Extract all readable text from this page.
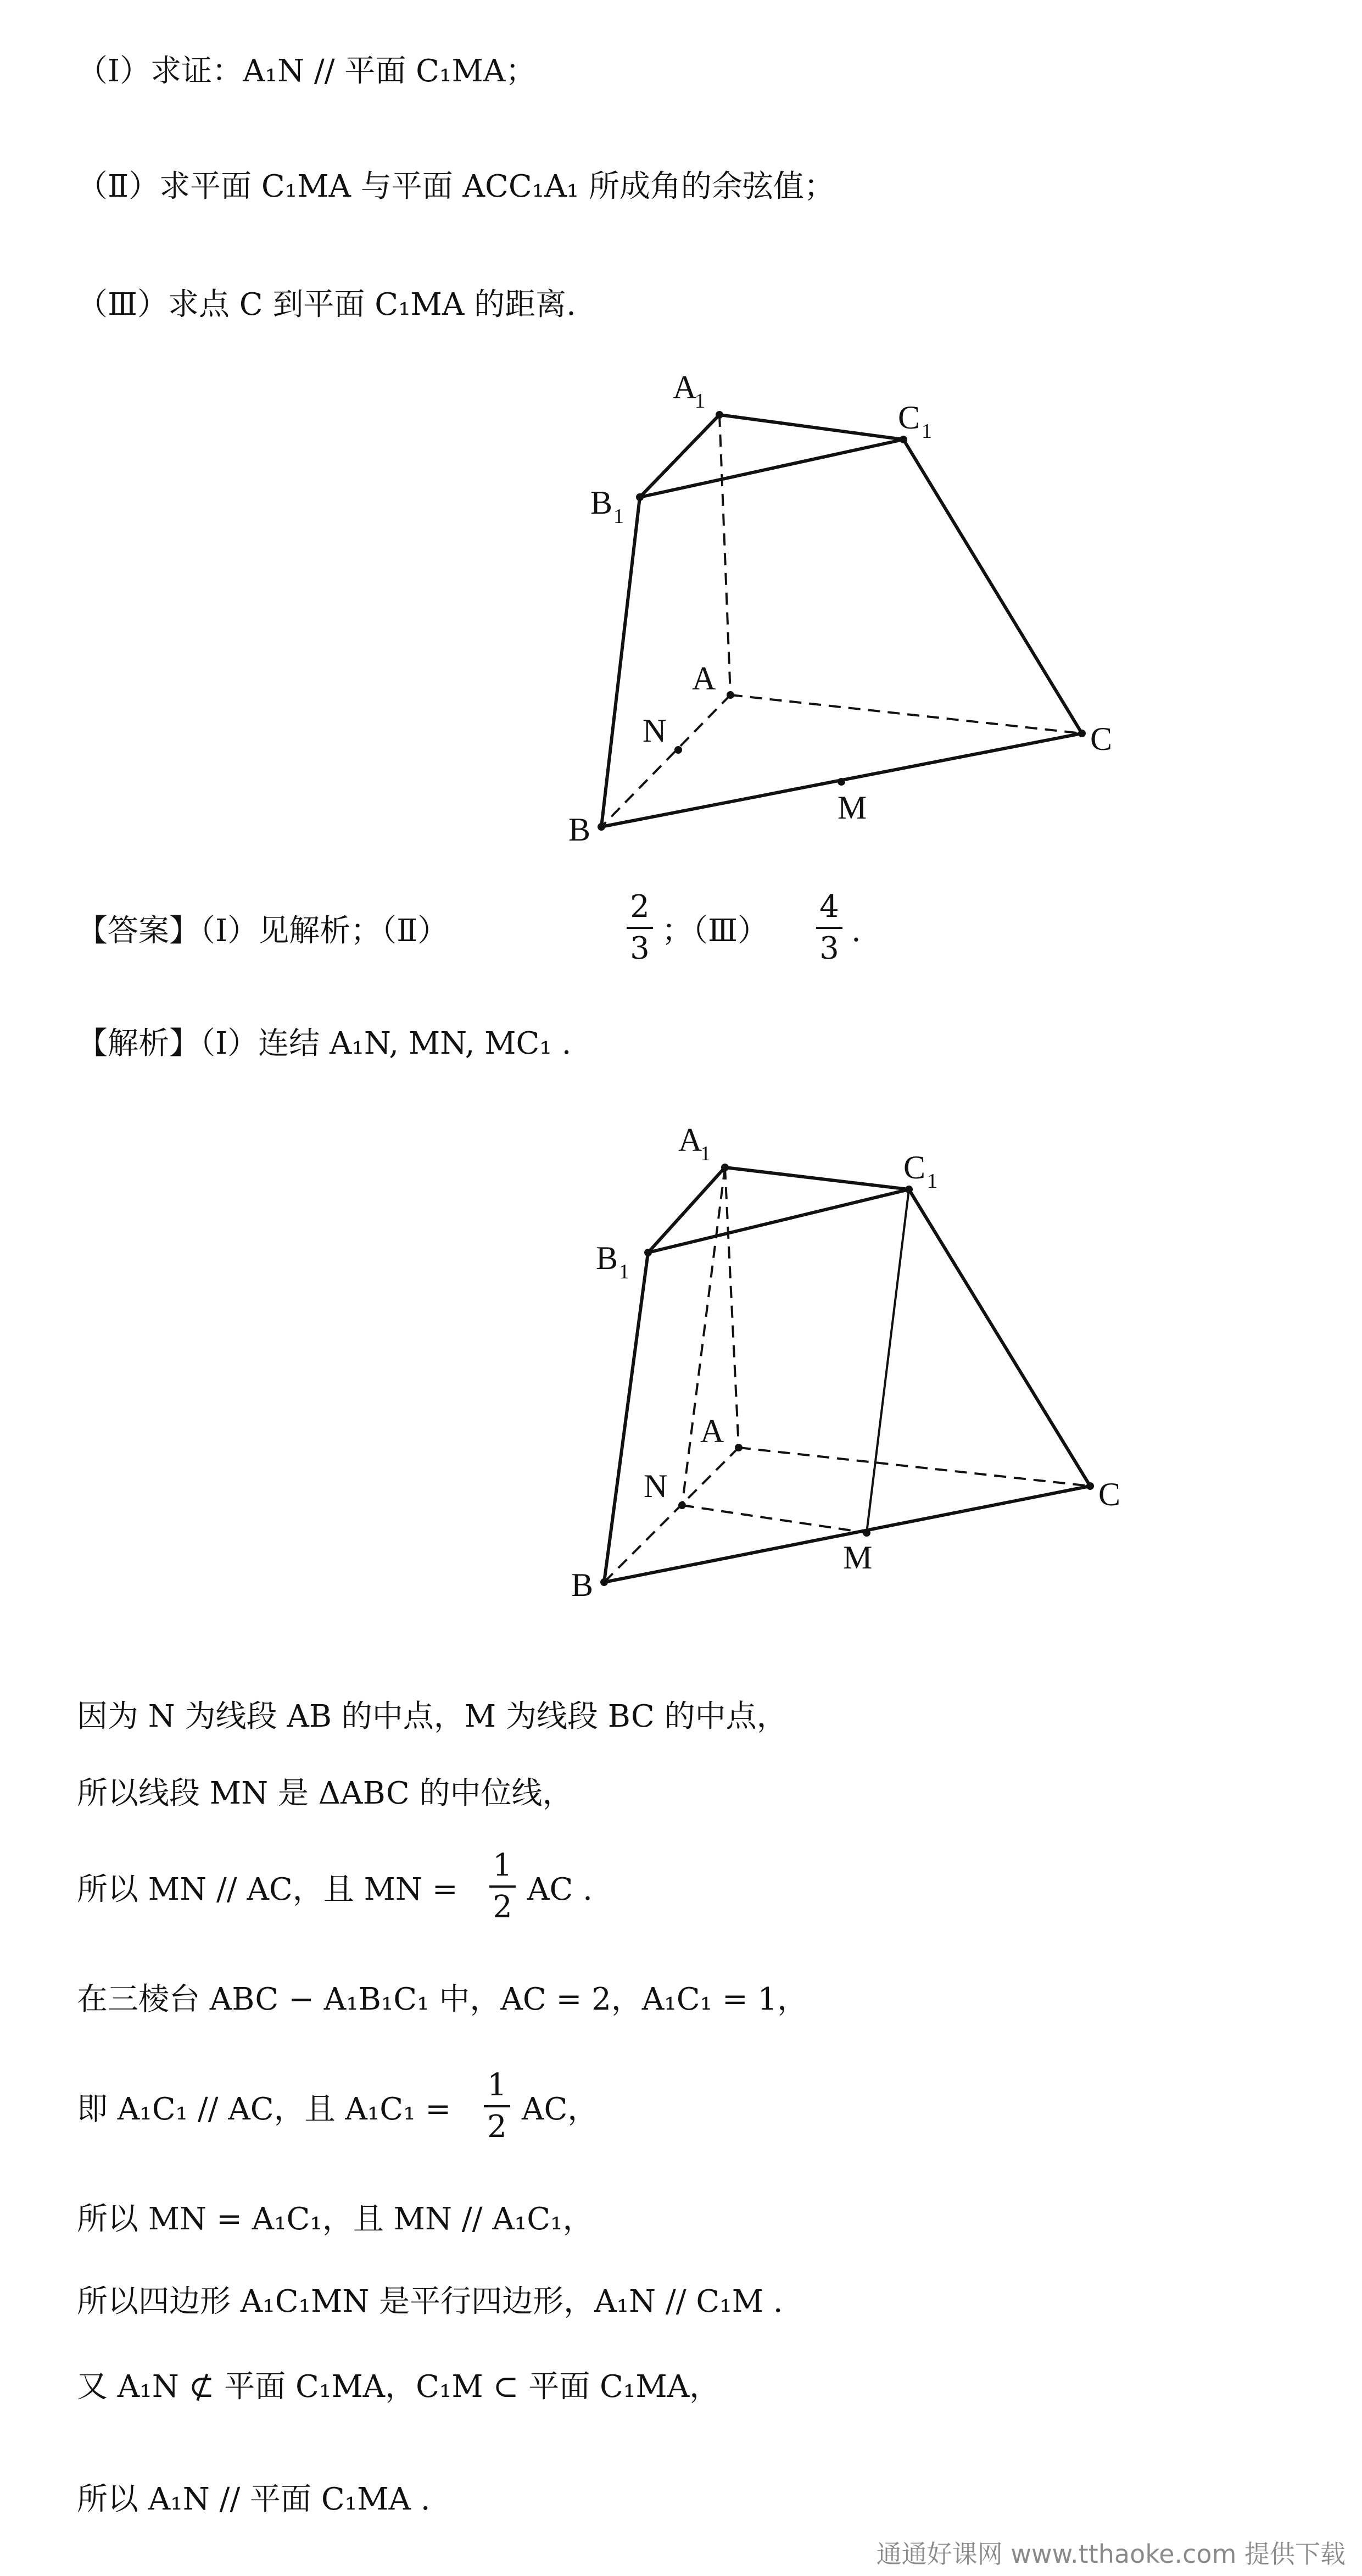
（Ⅰ）求证：A₁N // 平面 C₁MA；
（Ⅱ）求平面 C₁MA 与平面 ACC₁A₁ 所成角的余弦值；
（Ⅲ）求点 C 到平面 C₁MA 的距离.
A
1	C 1
B 1
A
C
N
M
B
【答案】（Ⅰ）见解析；（Ⅱ）
2
3 ；（Ⅲ）
4
3 .
【解析】（Ⅰ）连结 A₁N, MN, MC₁ .
A
1	C 1
B 1
A
C
N
M
B
因为 N 为线段 AB 的中点，M 为线段 BC 的中点，
所以线段 MN 是 ΔABC 的中位线，
所以 MN // AC，且 MN =
1
2 AC .
在三棱台 ABC − A₁B₁C₁ 中，AC = 2，A₁C₁ = 1，
即 A₁C₁ // AC，且 A₁C₁ =
1
2 AC，
所以 MN = A₁C₁，且 MN // A₁C₁，
所以四边形 A₁C₁MN 是平行四边形，A₁N // C₁M .
又 A₁N ⊄ 平面 C₁MA，C₁M ⊂ 平面 C₁MA，
所以 A₁N // 平面 C₁MA .
通通好课网 www.tthaoke.com 提供下载
